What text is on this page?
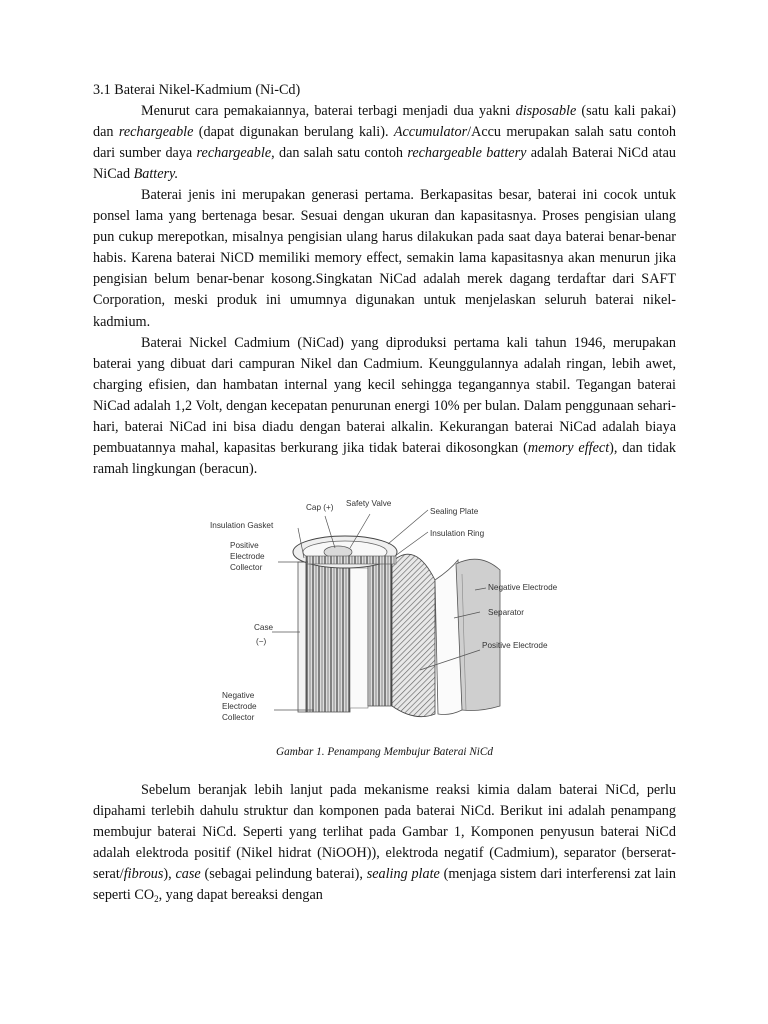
3.1 Baterai Nikel-Kadmium (Ni-Cd)

Menurut cara pemakaiannya, baterai terbagi menjadi dua yakni disposable (satu kali pakai) dan rechargeable (dapat digunakan berulang kali). Accumulator/Accu merupakan salah satu contoh dari sumber daya rechargeable, dan salah satu contoh rechargeable battery adalah Baterai NiCd atau NiCad Battery.

Baterai jenis ini merupakan generasi pertama. Berkapasitas besar, baterai ini cocok untuk ponsel lama yang bertenaga besar. Sesuai dengan ukuran dan kapasitasnya. Proses pengisian ulang pun cukup merepotkan, misalnya pengisian ulang harus dilakukan pada saat daya baterai benar-benar habis. Karena baterai NiCD memiliki memory effect, semakin lama kapasitasnya akan menurun jika pengisian belum benar-benar kosong.Singkatan NiCad adalah merek dagang terdaftar dari SAFT Corporation, meski produk ini umumnya digunakan untuk menjelaskan seluruh baterai nikel-kadmium.

Baterai Nickel Cadmium (NiCad) yang diproduksi pertama kali tahun 1946, merupakan baterai yang dibuat dari campuran Nikel dan Cadmium. Keunggulannya adalah ringan, lebih awet, charging efisien, dan hambatan internal yang kecil sehingga tegangannya stabil. Tegangan baterai NiCad adalah 1,2 Volt, dengan kecepatan penurunan energi 10% per bulan. Dalam penggunaan sehari-hari, baterai NiCad ini bisa diadu dengan baterai alkalin. Kekurangan baterai NiCad adalah biaya pembuatannya mahal, kapasitas berkurang jika tidak baterai dikosongkan (memory effect), dan tidak ramah lingkungan (beracun).

Cap (+) Safety Valve
Sealing Plate
Insulation Gasket
Insulation Ring
Positive
Electrode
Collector
Negative Electrode
Separator
Positive Electrode
Case
(−)
Negative
Electrode
Collector
Gambar 1. Penampang Membujur Baterai NiCd

Sebelum beranjak lebih lanjut pada mekanisme reaksi kimia dalam baterai NiCd, perlu dipahami terlebih dahulu struktur dan komponen pada baterai NiCd. Berikut ini adalah penampang membujur baterai NiCd. Seperti yang terlihat pada Gambar 1, Komponen penyusun baterai NiCd adalah elektroda positif (Nikel hidrat (NiOOH)), elektroda negatif (Cadmium), separator (berserat-serat/fibrous), case (sebagai pelindung baterai), sealing plate (menjaga sistem dari interferensi zat lain seperti $CO_2$, yang dapat bereaksi dengan
